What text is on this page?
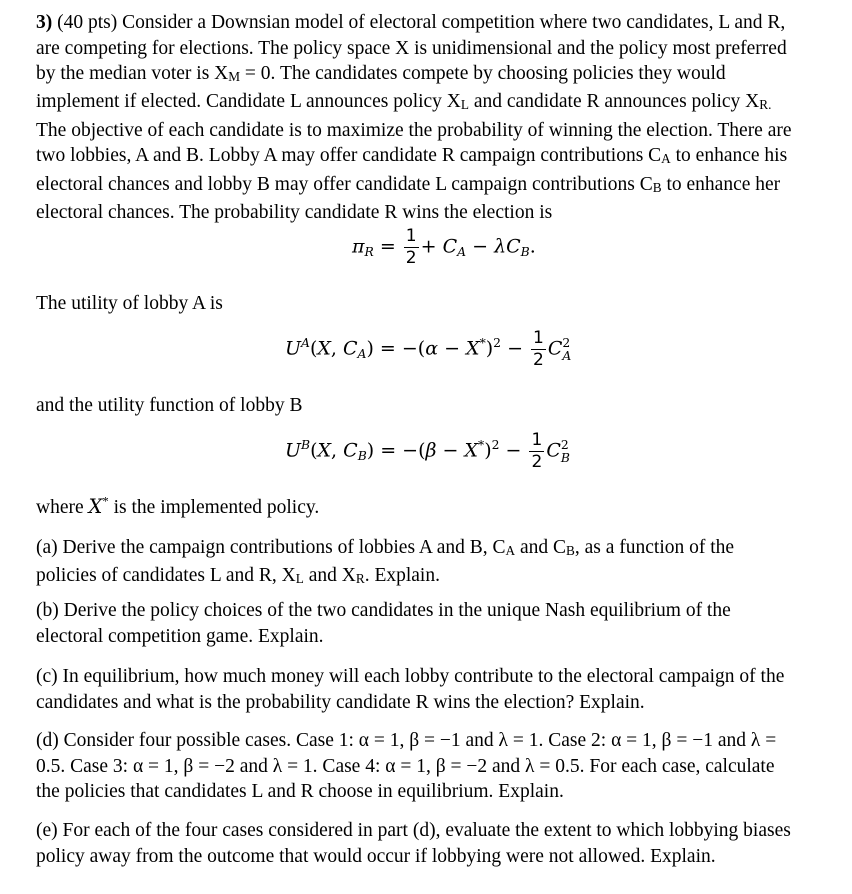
3) (40 pts) Consider a Downsian model of electoral competition where two candidates, L and R,
are competing for elections. The policy space X is unidimensional and the policy most preferred
by the median voter is XM = 0. The candidates compete by choosing policies they would
implement if elected. Candidate L announces policy XL and candidate R announces policy XR.
The objective of each candidate is to maximize the probability of winning the election. There are
two lobbies, A and B. Lobby A may offer candidate R campaign contributions CA to enhance his
electoral chances and lobby B may offer candidate L campaign contributions CB to enhance her
electoral chances. The probability candidate R wins the election is
$\pi_R = \frac{1}{2} + C_A - \lambda C_B$.
The utility of lobby A is
$U^A(X$, $C_A) = -(\alpha - X^*)^2 - \frac{1}{2}$ C 2
A
and the utility function of lobby B
$U^B(X$, $C_B) = -(\beta - X^*)^2 - \frac{1}{2}$ C 2
B
where X* is the implemented policy.
(a) Derive the campaign contributions of lobbies A and B, CA and CB, as a function of the
policies of candidates L and R, XL and XR. Explain.
(b) Derive the policy choices of the two candidates in the unique Nash equilibrium of the
electoral competition game. Explain.
(c) In equilibrium, how much money will each lobby contribute to the electoral campaign of the
candidates and what is the probability candidate R wins the election? Explain.
(d) Consider four possible cases. Case 1: α = 1, β = −1 and λ = 1. Case 2: α = 1, β = −1 and λ =
0.5. Case 3: α = 1, β = −2 and λ = 1. Case 4: α = 1, β = −2 and λ = 0.5. For each case, calculate
the policies that candidates L and R choose in equilibrium. Explain.
(e) For each of the four cases considered in part (d), evaluate the extent to which lobbying biases
policy away from the outcome that would occur if lobbying were not allowed. Explain.
